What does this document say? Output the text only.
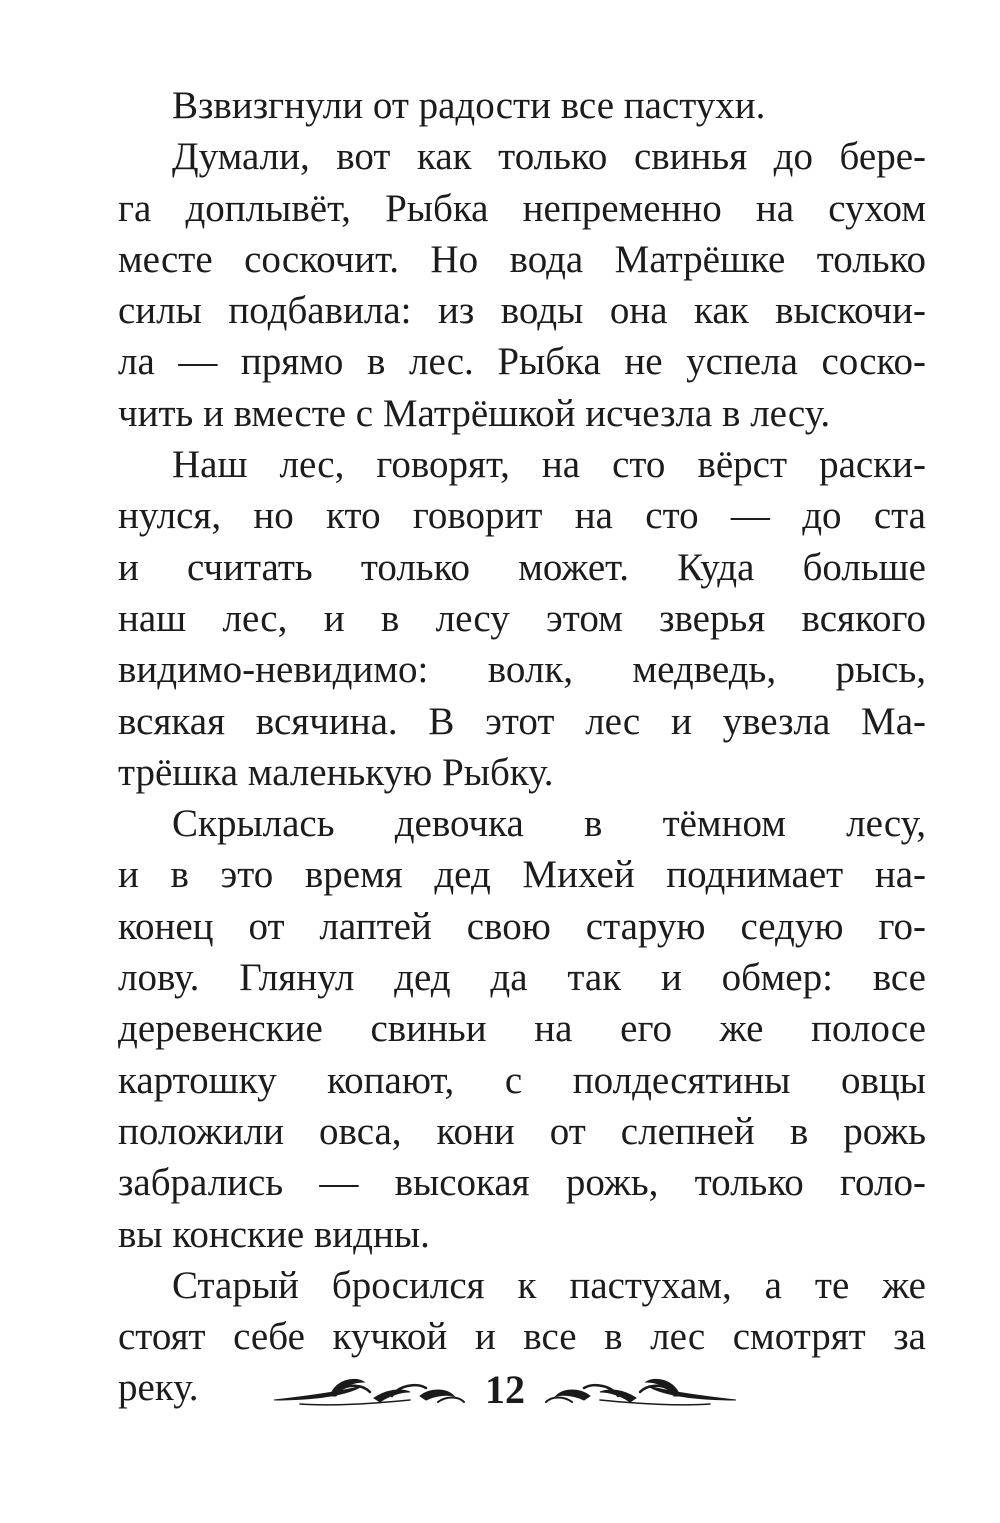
Взвизгнули от радости все пастухи.

Думали, вот как только свинья до бере-
га доплывёт, Рыбка непременно на сухом
месте соскочит. Но вода Матрёшке только
силы подбавила: из воды она как выскочи-
ла — прямо в лес. Рыбка не успела соско-
чить и вместе с Матрёшкой исчезла в лесу.

Наш лес, говорят, на сто вёрст раски-
нулся, но кто говорит на сто — до ста
и считать только может. Куда больше
наш лес, и в лесу этом зверья всякого
видимо-невидимо: волк, медведь, рысь,
всякая всячина. В этот лес и увезла Ма-
трёшка маленькую Рыбку.

Скрылась девочка в тёмном лесу,
и в это время дед Михей поднимает на-
конец от лаптей свою старую седую го-
лову. Глянул дед да так и обмер: все
деревенские свиньи на его же полосе
картошку копают, с полдесятины овцы
положили овса, кони от слепней в рожь
забрались — высокая рожь, только голо-
вы конские видны.

Старый бросился к пастухам, а те же
стоят себе кучкой и все в лес смотрят за
реку.	12
